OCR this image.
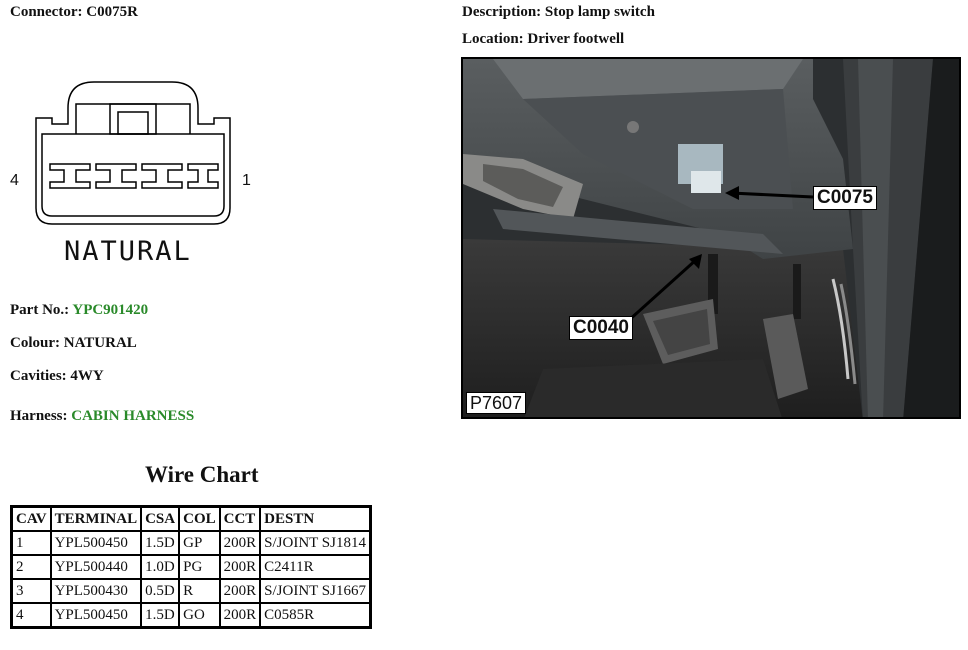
Connector: C0075R	Description: Stop lamp switch
Location: Driver footwell
4	1
NATURAL
Part No.: YPC901420
Colour: NATURAL
Cavities: 4WY
Harness: CABIN HARNESS
Wire Chart
CAV	TERMINAL	CSA	COL	CCT	DESTN
1	YPL500450	1.5D	GP	200R	S/JOINT SJ1814
2	YPL500440	1.0D	PG	200R	C2411R
3	YPL500430	0.5D	R	200R	S/JOINT SJ1667
4	YPL500450	1.5D	GO	200R	C0585R
C0075
C0040
P7607
